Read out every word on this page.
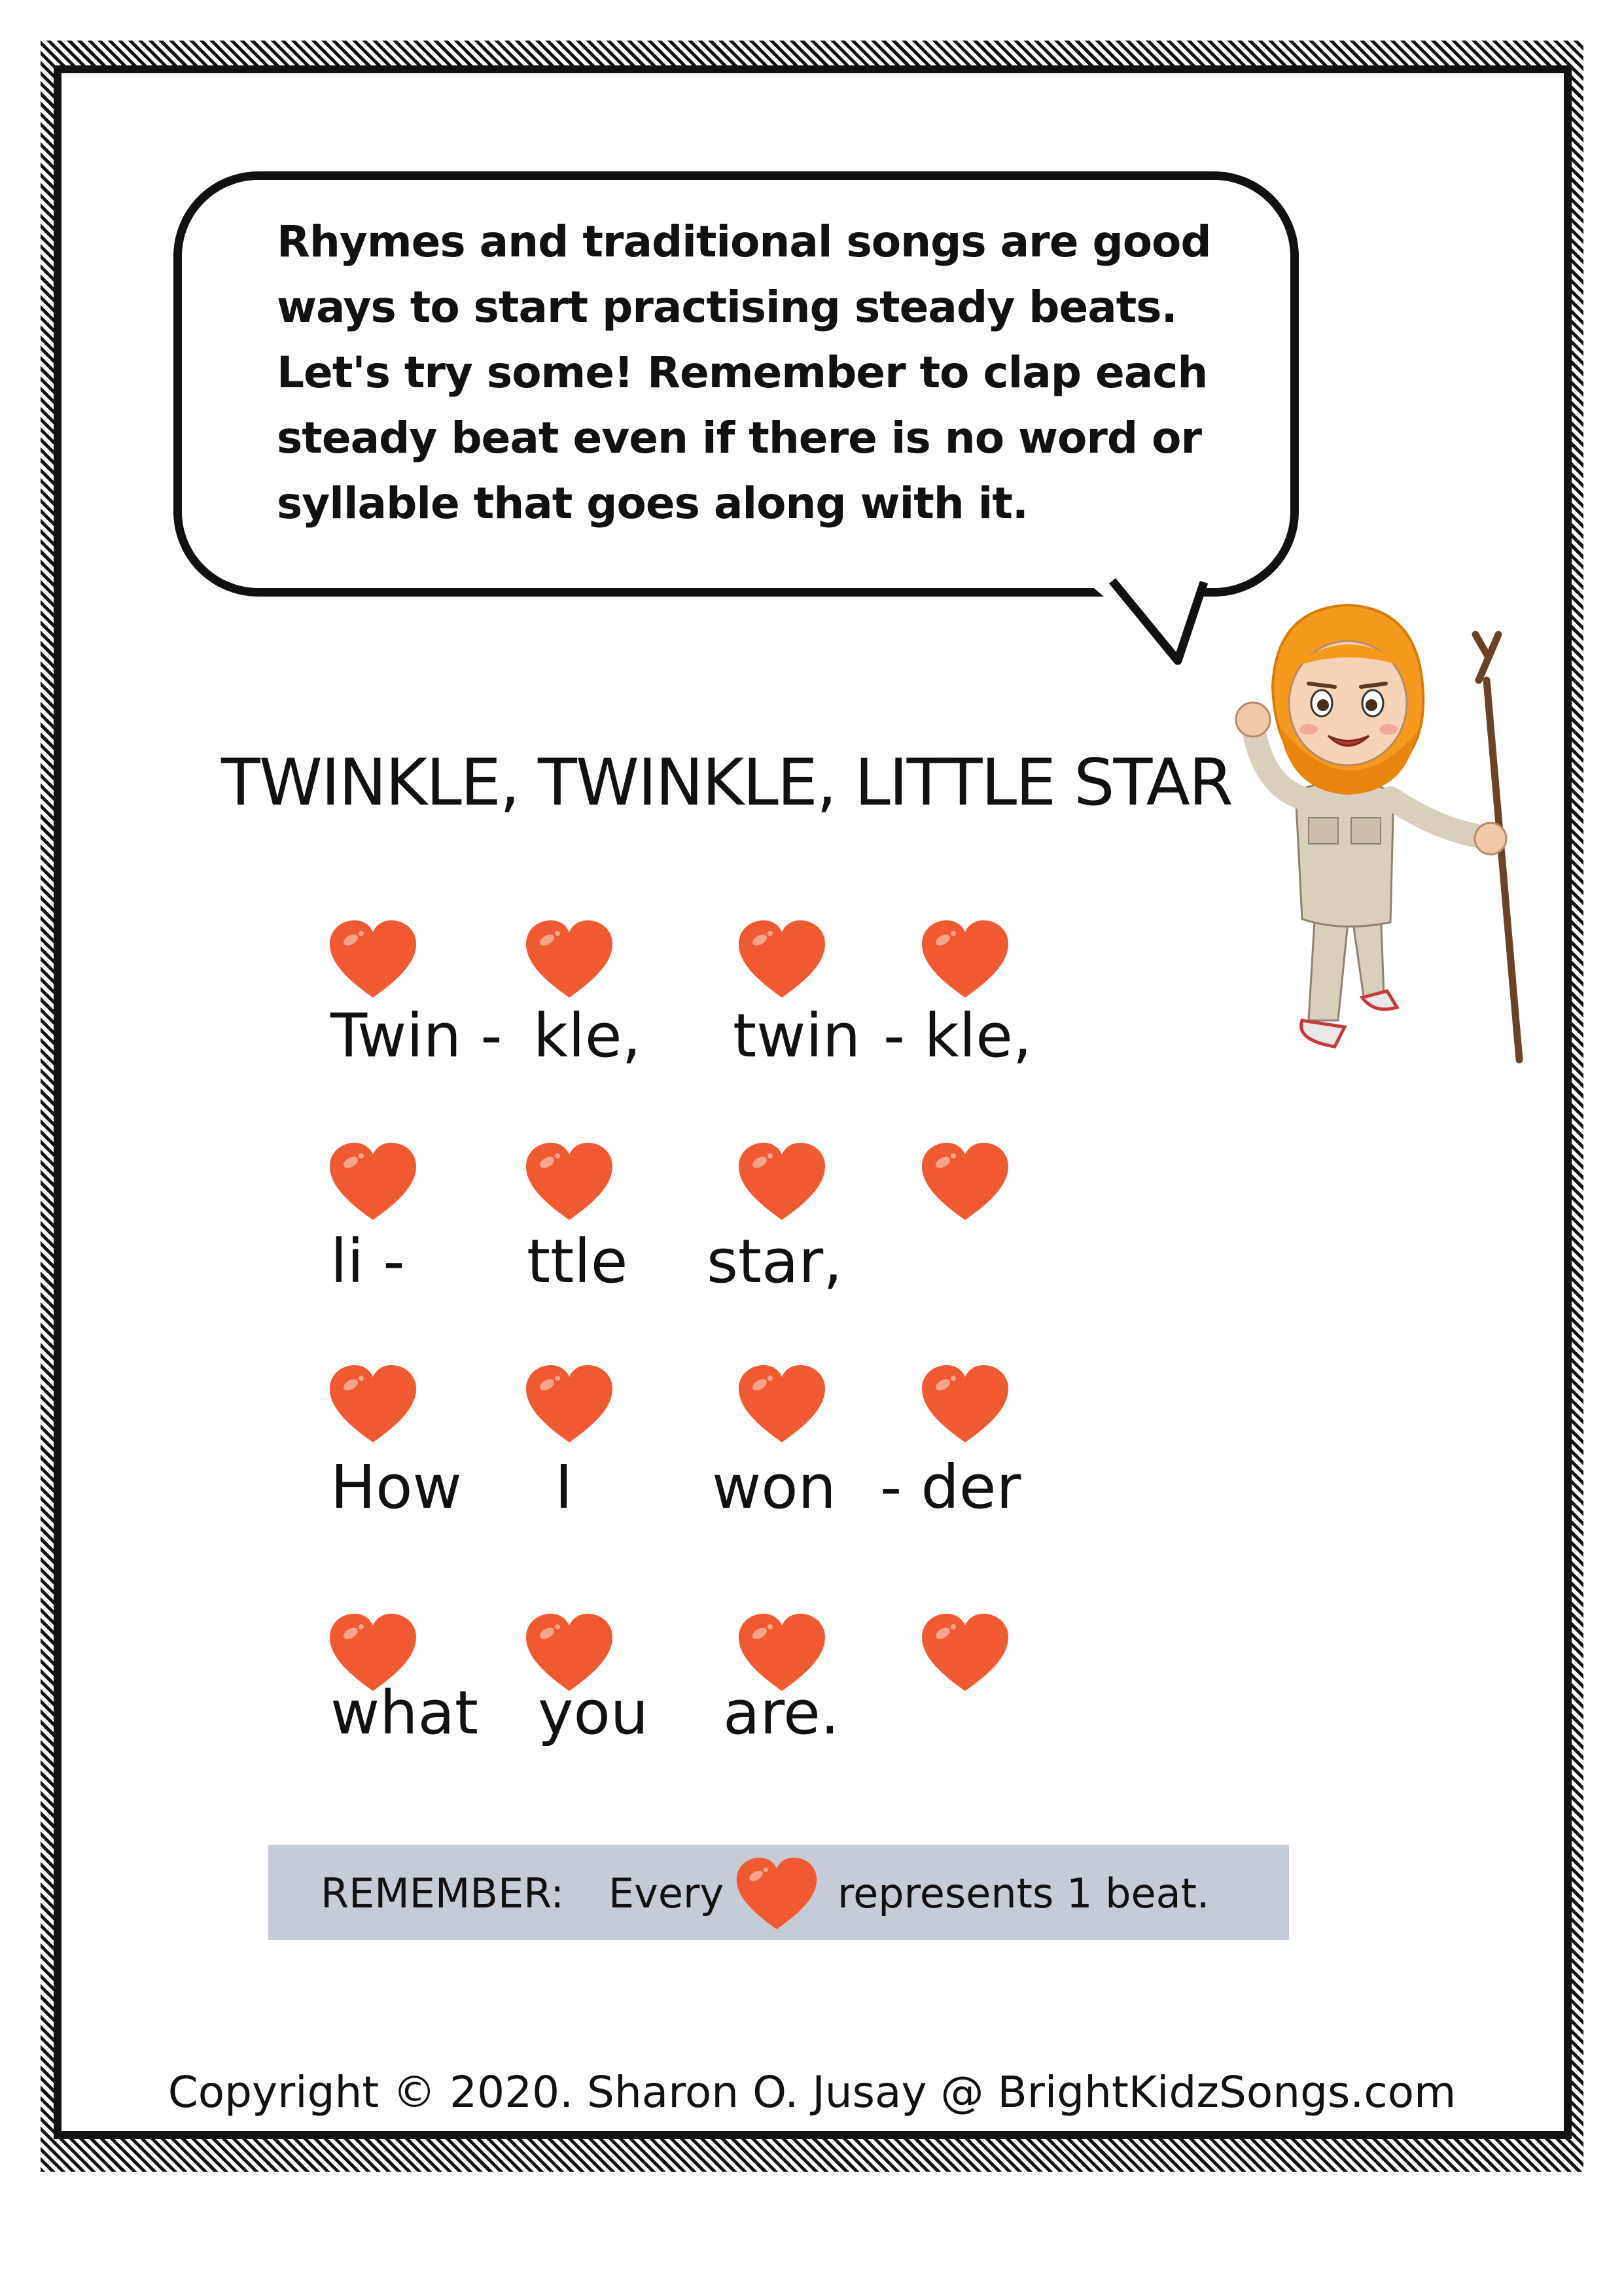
Rhymes and traditional songs are good ways to start practising steady beats. Let's try some! Remember to clap each steady beat even if there is no word or syllable that goes along with it.

TWINKLE, TWINKLE, LITTLE STAR
Twin - kle, twin - kle,
li - ttle star,
How I won - der
what you are.
REMEMBER: Every	represents 1 beat.
Copyright © 2020. Sharon O. Jusay @ BrightKidzSongs.com
